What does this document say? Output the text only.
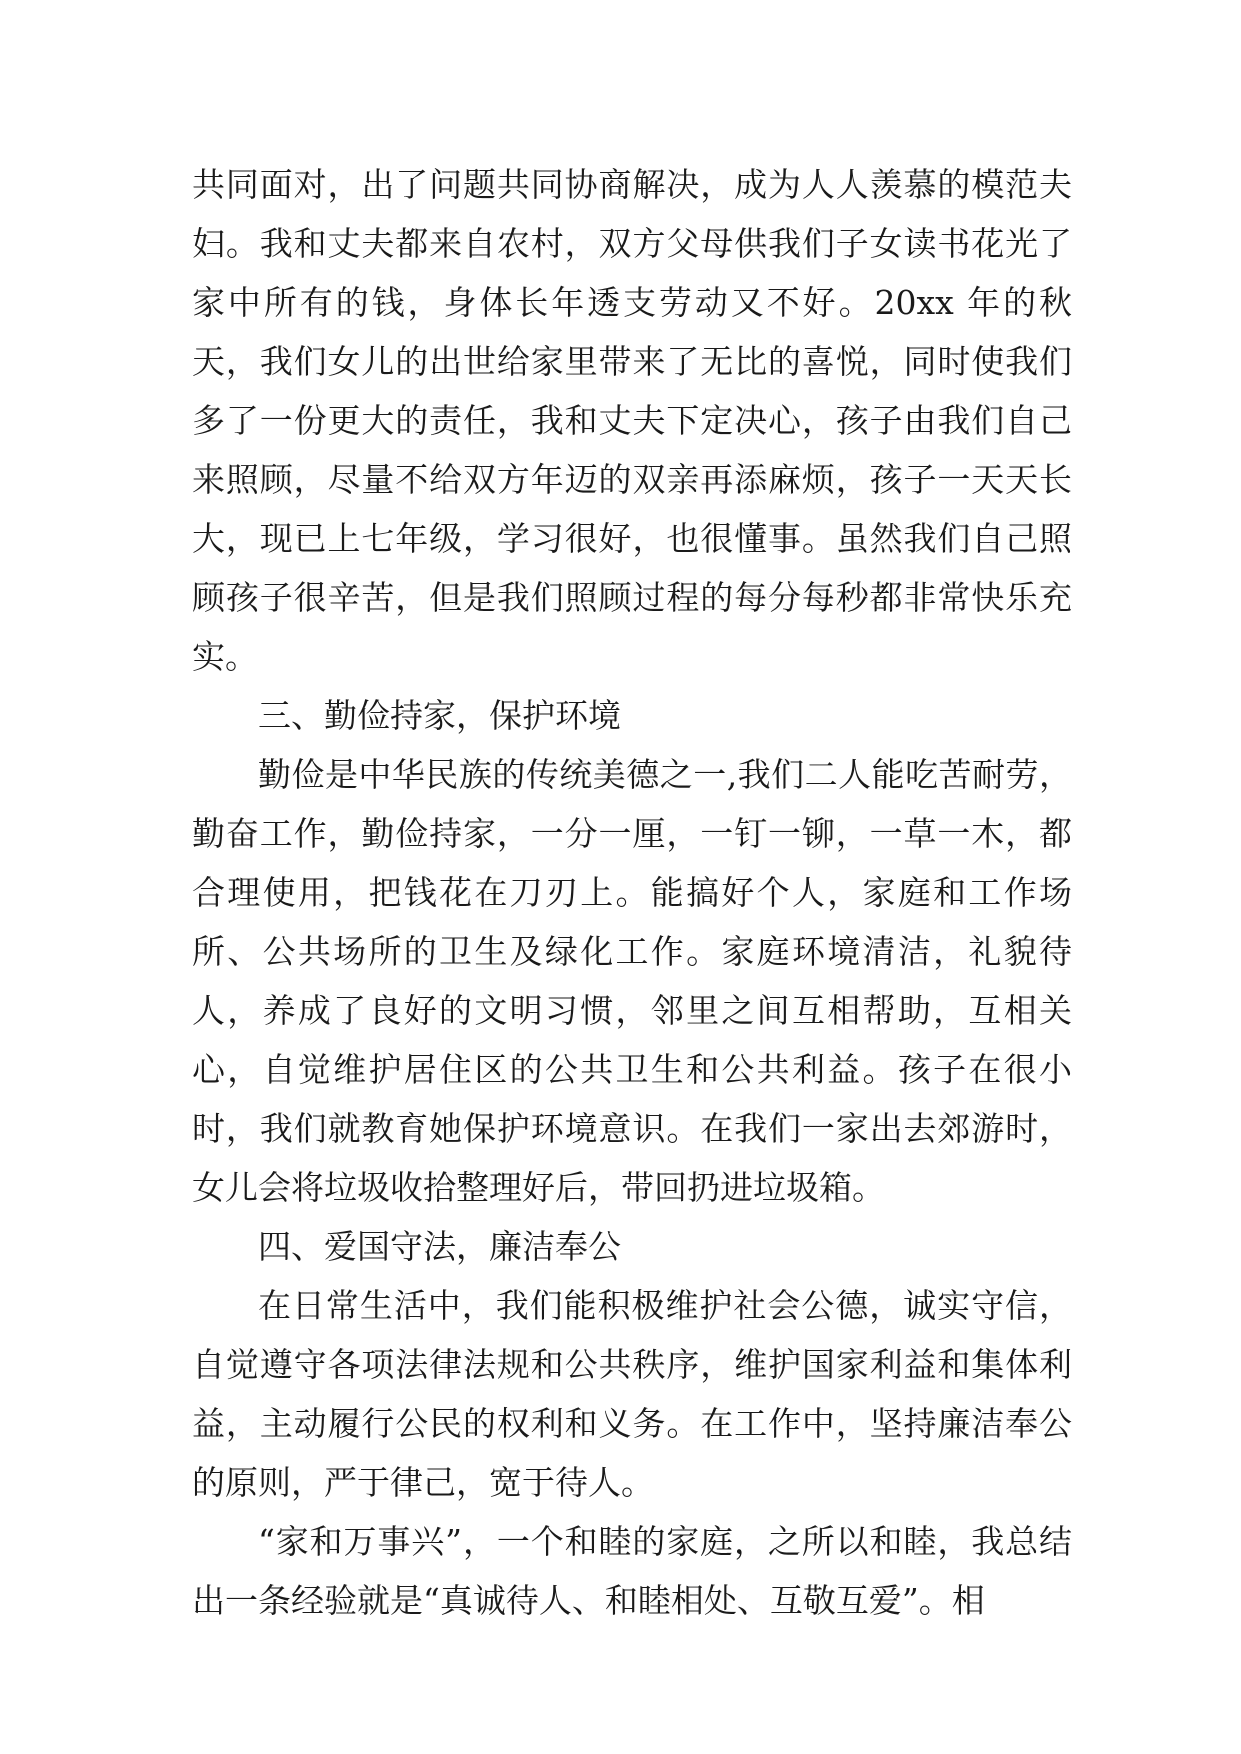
共同面对，出了问题共同协商解决，成为人人羡慕的模范夫妇。我和丈夫都来自农村，双方父母供我们子女读书花光了家中所有的钱，身体长年透支劳动又不好。20xx 年的秋天，我们女儿的出世给家里带来了无比的喜悦，同时使我们多了一份更大的责任，我和丈夫下定决心，孩子由我们自己来照顾，尽量不给双方年迈的双亲再添麻烦，孩子一天天长大，现已上七年级，学习很好，也很懂事。虽然我们自己照顾孩子很辛苦，但是我们照顾过程的每分每秒都非常快乐充实。

三、勤俭持家，保护环境

勤俭是中华民族的传统美德之一,我们二人能吃苦耐劳，勤奋工作，勤俭持家，一分一厘，一钉一铆，一草一木，都合理使用，把钱花在刀刃上。能搞好个人，家庭和工作场所、公共场所的卫生及绿化工作。家庭环境清洁，礼貌待人，养成了良好的文明习惯，邻里之间互相帮助，互相关心，自觉维护居住区的公共卫生和公共利益。孩子在很小时，我们就教育她保护环境意识。在我们一家出去郊游时，女儿会将垃圾收拾整理好后，带回扔进垃圾箱。

四、爱国守法，廉洁奉公

在日常生活中，我们能积极维护社会公德，诚实守信，自觉遵守各项法律法规和公共秩序，维护国家利益和集体利益，主动履行公民的权利和义务。在工作中，坚持廉洁奉公的原则，严于律己，宽于待人。

“家和万事兴”，一个和睦的家庭，之所以和睦，我总结出一条经验就是“真诚待人、和睦相处、互敬互爱”。相
